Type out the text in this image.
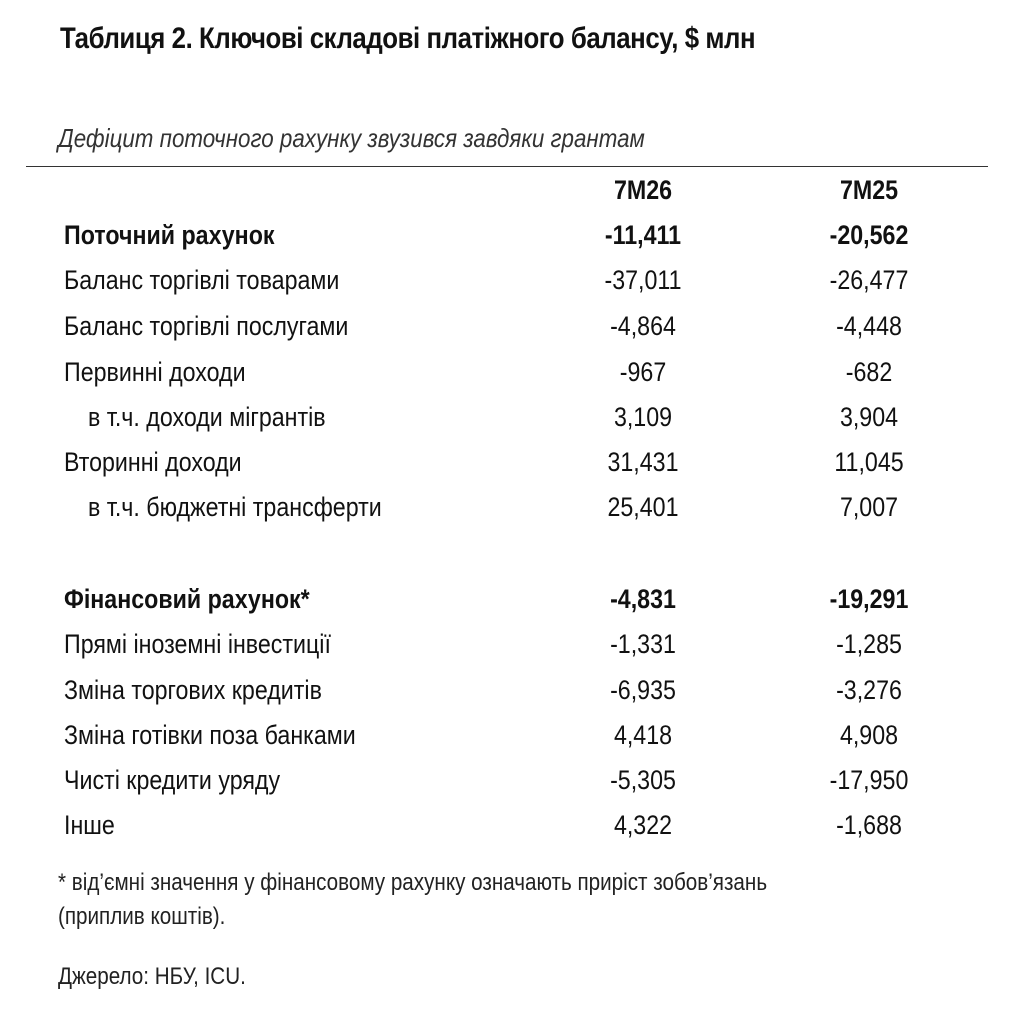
Таблиця 2. Ключові складові платіжного балансу, $ млн
Дефіцит поточного рахунку звузився завдяки грантам
7М26	7М25
Поточний рахунок	-11,411	-20,562
Баланс торгівлі товарами	-37,011	-26,477
Баланс торгівлі послугами	-4,864	-4,448
Первинні доходи	-967	-682
в т.ч. доходи мігрантів	3,109	3,904
Вторинні доходи	31,431	11,045
в т.ч. бюджетні трансферти	25,401	7,007
Фінансовий рахунок*	-4,831	-19,291
Прямі іноземні інвестиції	-1,331	-1,285
Зміна торгових кредитів	-6,935	-3,276
Зміна готівки поза банками	4,418	4,908
Чисті кредити уряду	-5,305	-17,950
Інше	4,322	-1,688
* від’ємні значення у фінансовому рахунку означають приріст зобов’язань
(приплив коштів).
Джерело: НБУ, ICU.
